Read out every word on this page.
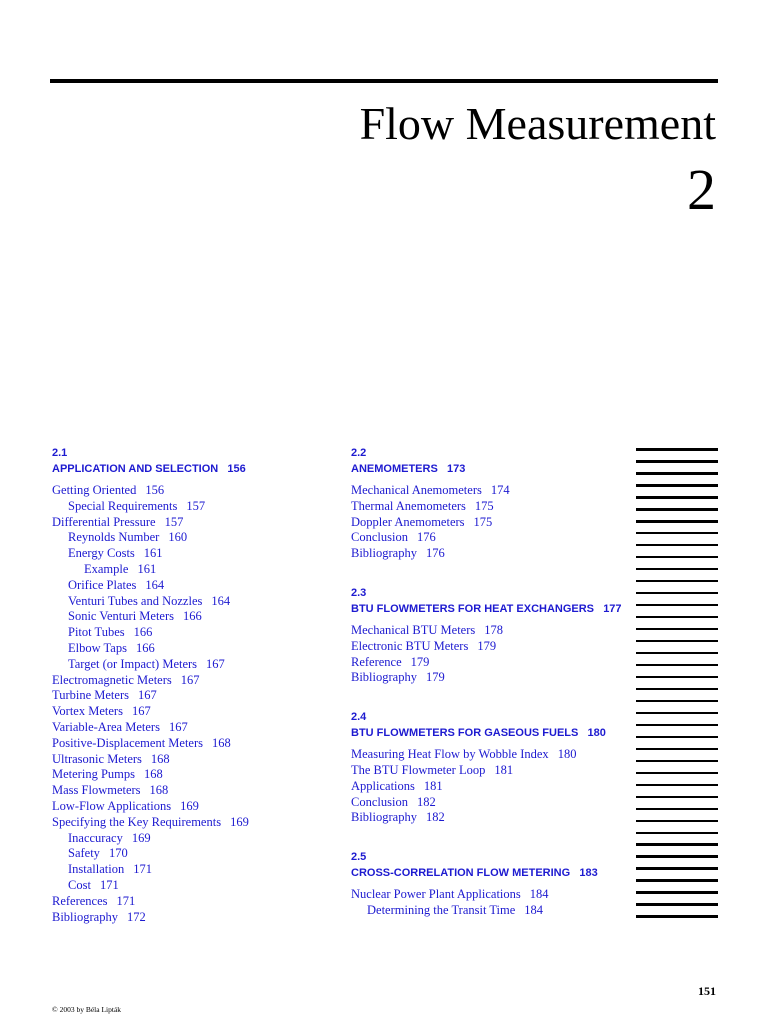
Flow Measurement
2
2.1
APPLICATION AND SELECTION 156
Getting Oriented 156
Special Requirements 157
Differential Pressure 157
Reynolds Number 160
Energy Costs 161
Example 161
Orifice Plates 164
Venturi Tubes and Nozzles 164
Sonic Venturi Meters 166
Pitot Tubes 166
Elbow Taps 166
Target (or Impact) Meters 167
Electromagnetic Meters 167
Turbine Meters 167
Vortex Meters 167
Variable-Area Meters 167
Positive-Displacement Meters 168
Ultrasonic Meters 168
Metering Pumps 168
Mass Flowmeters 168
Low-Flow Applications 169
Specifying the Key Requirements 169
Inaccuracy 169
Safety 170
Installation 171
Cost 171
References 171
Bibliography 172
2.2
ANEMOMETERS 173
Mechanical Anemometers 174
Thermal Anemometers 175
Doppler Anemometers 175
Conclusion 176
Bibliography 176
2.3
BTU FLOWMETERS FOR HEAT EXCHANGERS 177
Mechanical BTU Meters 178
Electronic BTU Meters 179
Reference 179
Bibliography 179
2.4
BTU FLOWMETERS FOR GASEOUS FUELS 180
Measuring Heat Flow by Wobble Index 180
The BTU Flowmeter Loop 181
Applications 181
Conclusion 182
Bibliography 182
2.5
CROSS-CORRELATION FLOW METERING 183
Nuclear Power Plant Applications 184
Determining the Transit Time 184
151
© 2003 by Béla Lipták
